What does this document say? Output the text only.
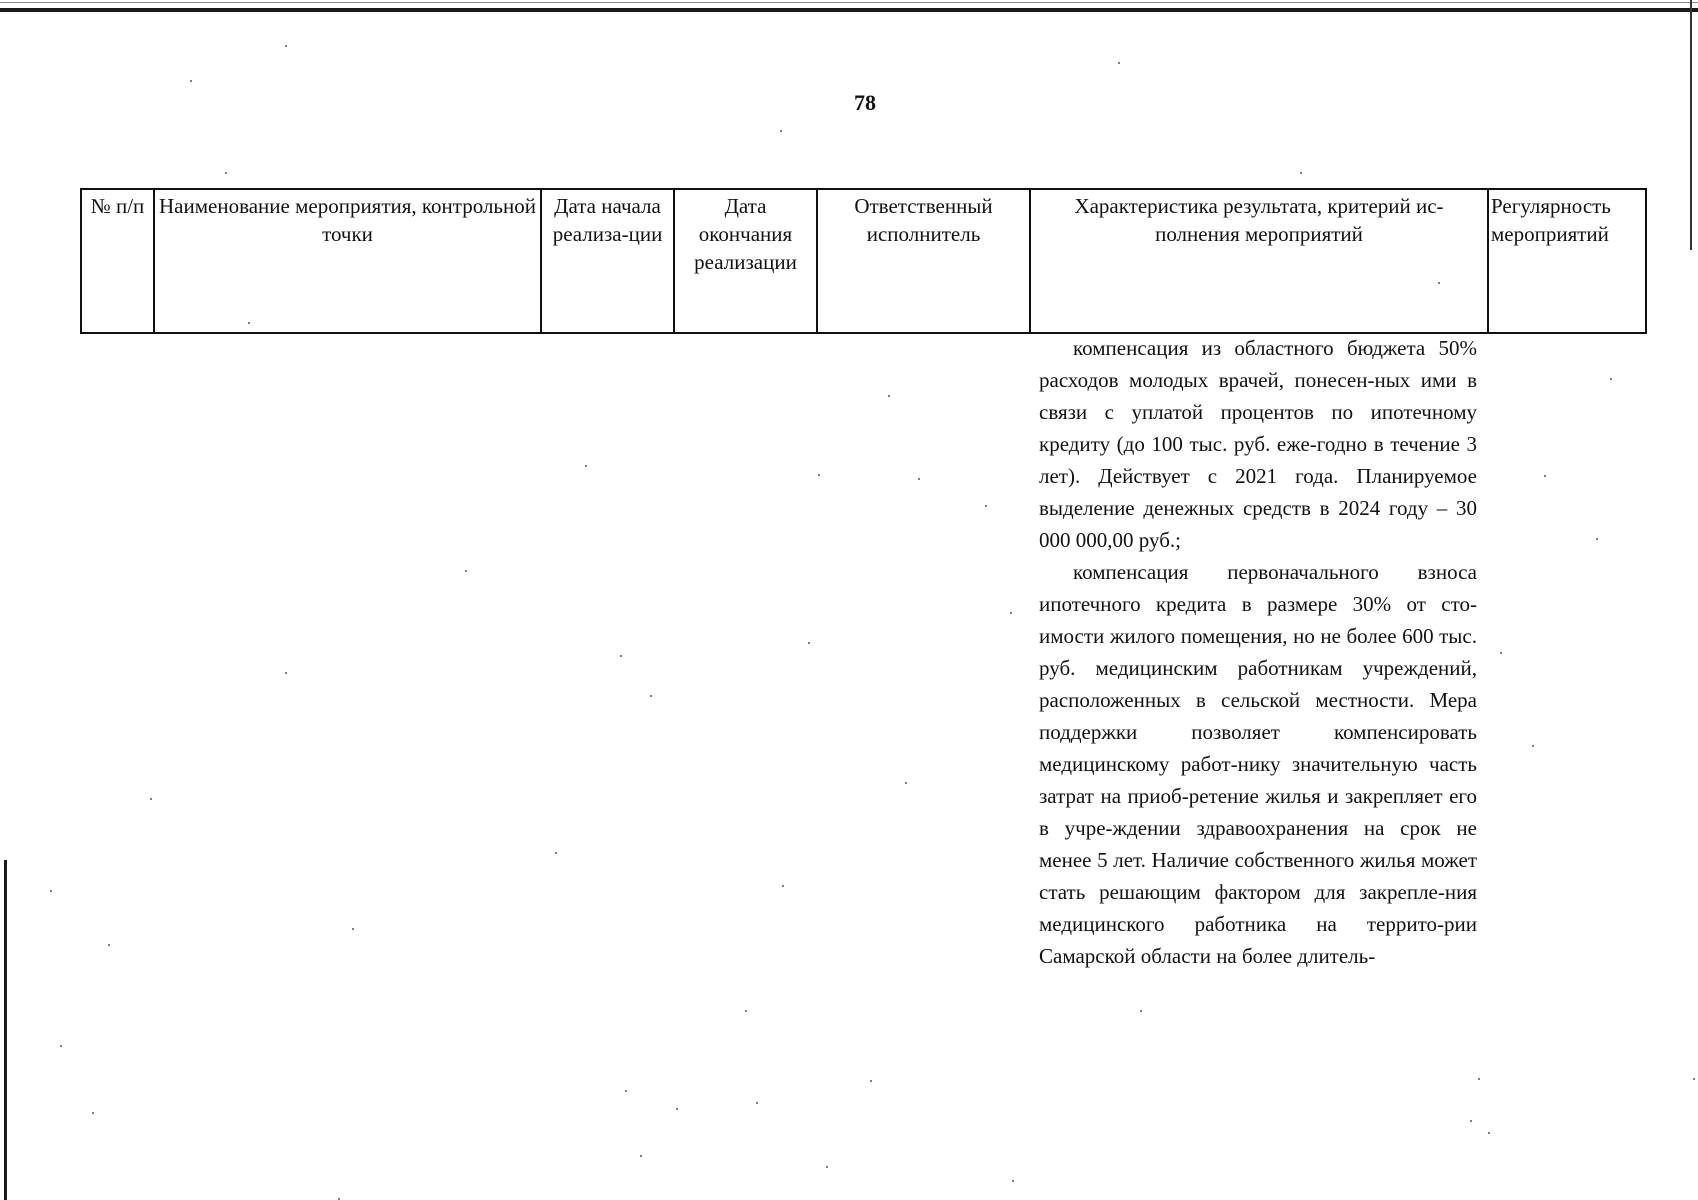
78
№ п/п	Наименование мероприятия, контрольной точки	Дата начала реализа-ции	Дата окончания реализации	Ответственный исполнитель	Характеристика результата, критерий ис-полнения мероприятий	Регулярность мероприятий

компенсация из областного бюджета 50% расходов молодых врачей, понесен-ных ими в связи с уплатой процентов по ипотечному кредиту (до 100 тыс. руб. еже-годно в течение 3 лет). Действует с 2021 года. Планируемое выделение денежных средств в 2024 году – 30 000 000,00 руб.;

компенсация первоначального взноса ипотечного кредита в размере 30% от сто-имости жилого помещения, но не более 600 тыс. руб. медицинским работникам учреждений, расположенных в сельской местности. Мера поддержки позволяет компенсировать медицинскому работ-нику значительную часть затрат на приоб-ретение жилья и закрепляет его в учре-ждении здравоохранения на срок не менее 5 лет. Наличие собственного жилья может стать решающим фактором для закрепле-ния медицинского работника на террито-рии Самарской области на более длитель-
